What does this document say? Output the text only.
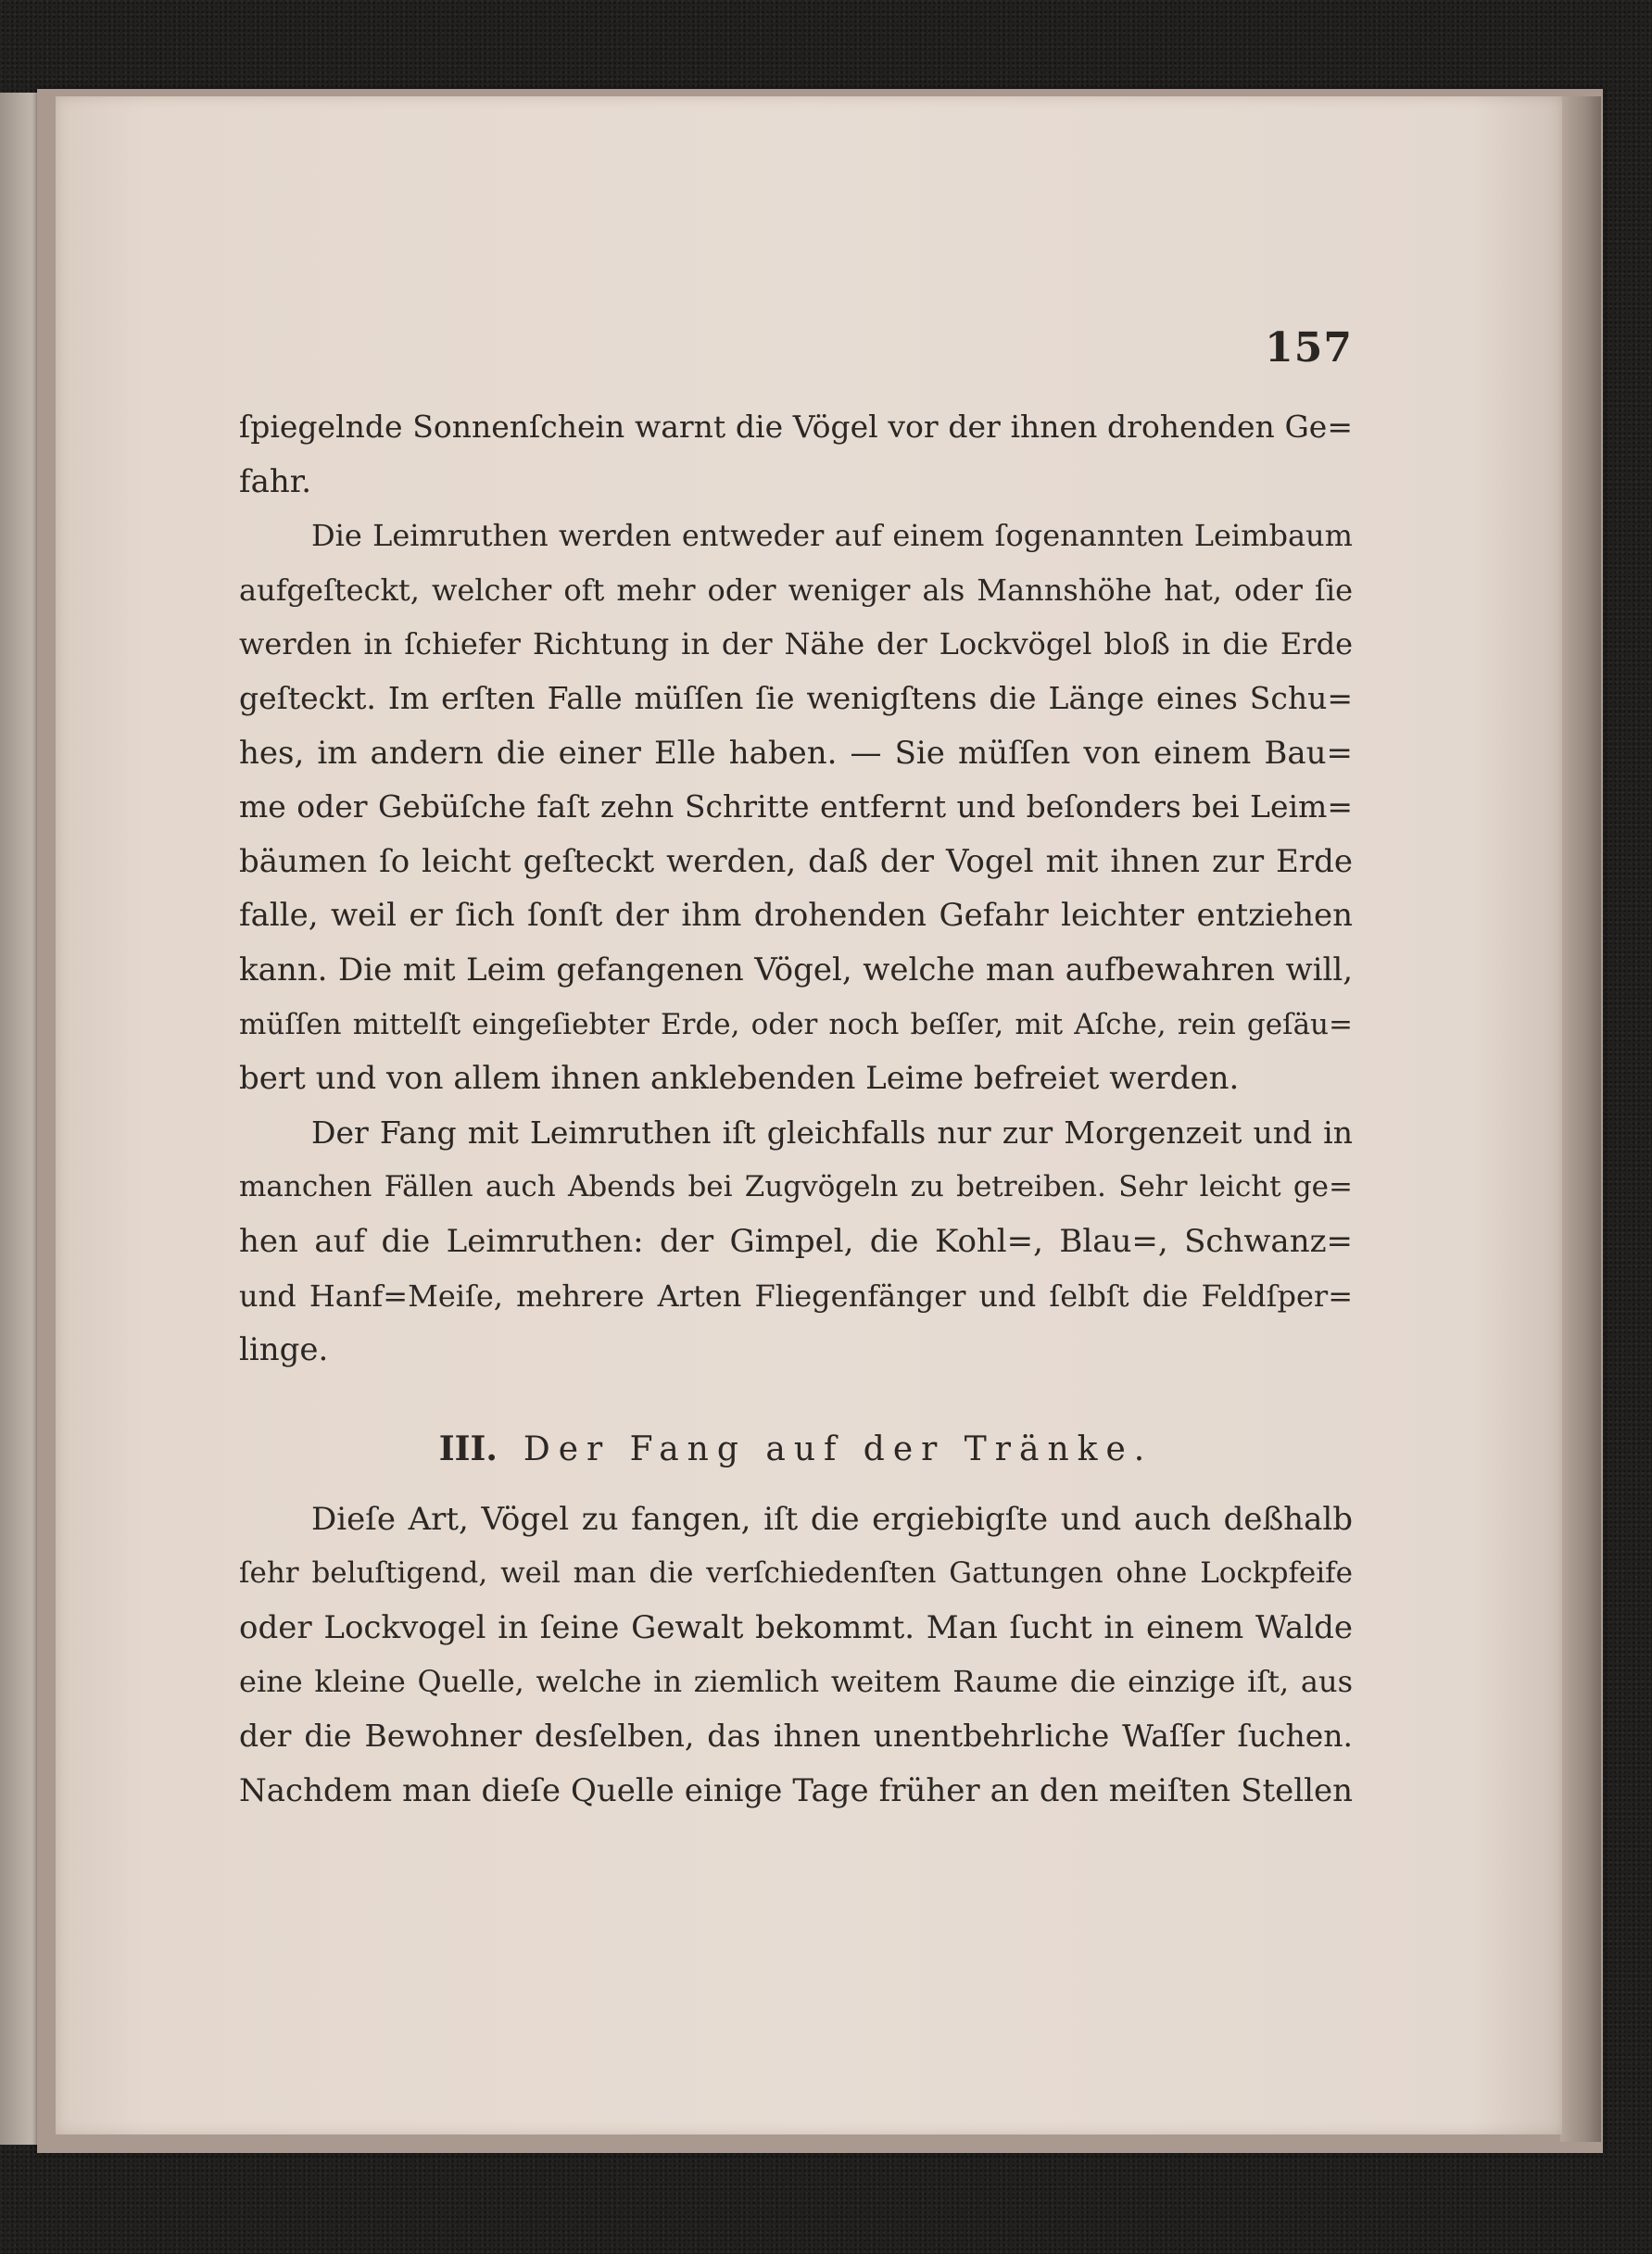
157
ſpiegelnde Sonnenſchein warnt die Vögel vor der ihnen drohenden Ge=
fahr.
Die Leimruthen werden entweder auf einem ſogenannten Leimbaum
aufgeſteckt, welcher oft mehr oder weniger als Mannshöhe hat, oder ſie
werden in ſchiefer Richtung in der Nähe der Lockvögel bloß in die Erde
geſteckt. Im erſten Falle müſſen ſie wenigſtens die Länge eines Schu=
hes, im andern die einer Elle haben. — Sie müſſen von einem Bau=
me oder Gebüſche faſt zehn Schritte entfernt und beſonders bei Leim=
bäumen ſo leicht geſteckt werden, daß der Vogel mit ihnen zur Erde
falle, weil er ſich ſonſt der ihm drohenden Gefahr leichter entziehen
kann. Die mit Leim gefangenen Vögel, welche man aufbewahren will,
müſſen mittelſt eingeſiebter Erde, oder noch beſſer, mit Aſche, rein geſäu=
bert und von allem ihnen anklebenden Leime befreiet werden.
Der Fang mit Leimruthen iſt gleichfalls nur zur Morgenzeit und in
manchen Fällen auch Abends bei Zugvögeln zu betreiben. Sehr leicht ge=
hen auf die Leimruthen: der Gimpel, die Kohl=, Blau=, Schwanz=
und Hanf=Meiſe, mehrere Arten Fliegenfänger und ſelbſt die Feldſper=
linge.
III. Der Fang auf der Tränke.
Dieſe Art, Vögel zu fangen, iſt die ergiebigſte und auch deßhalb
ſehr beluſtigend, weil man die verſchiedenſten Gattungen ohne Lockpfeife
oder Lockvogel in ſeine Gewalt bekommt. Man ſucht in einem Walde
eine kleine Quelle, welche in ziemlich weitem Raume die einzige iſt, aus
der die Bewohner desſelben, das ihnen unentbehrliche Waſſer ſuchen.
Nachdem man dieſe Quelle einige Tage früher an den meiſten Stellen
